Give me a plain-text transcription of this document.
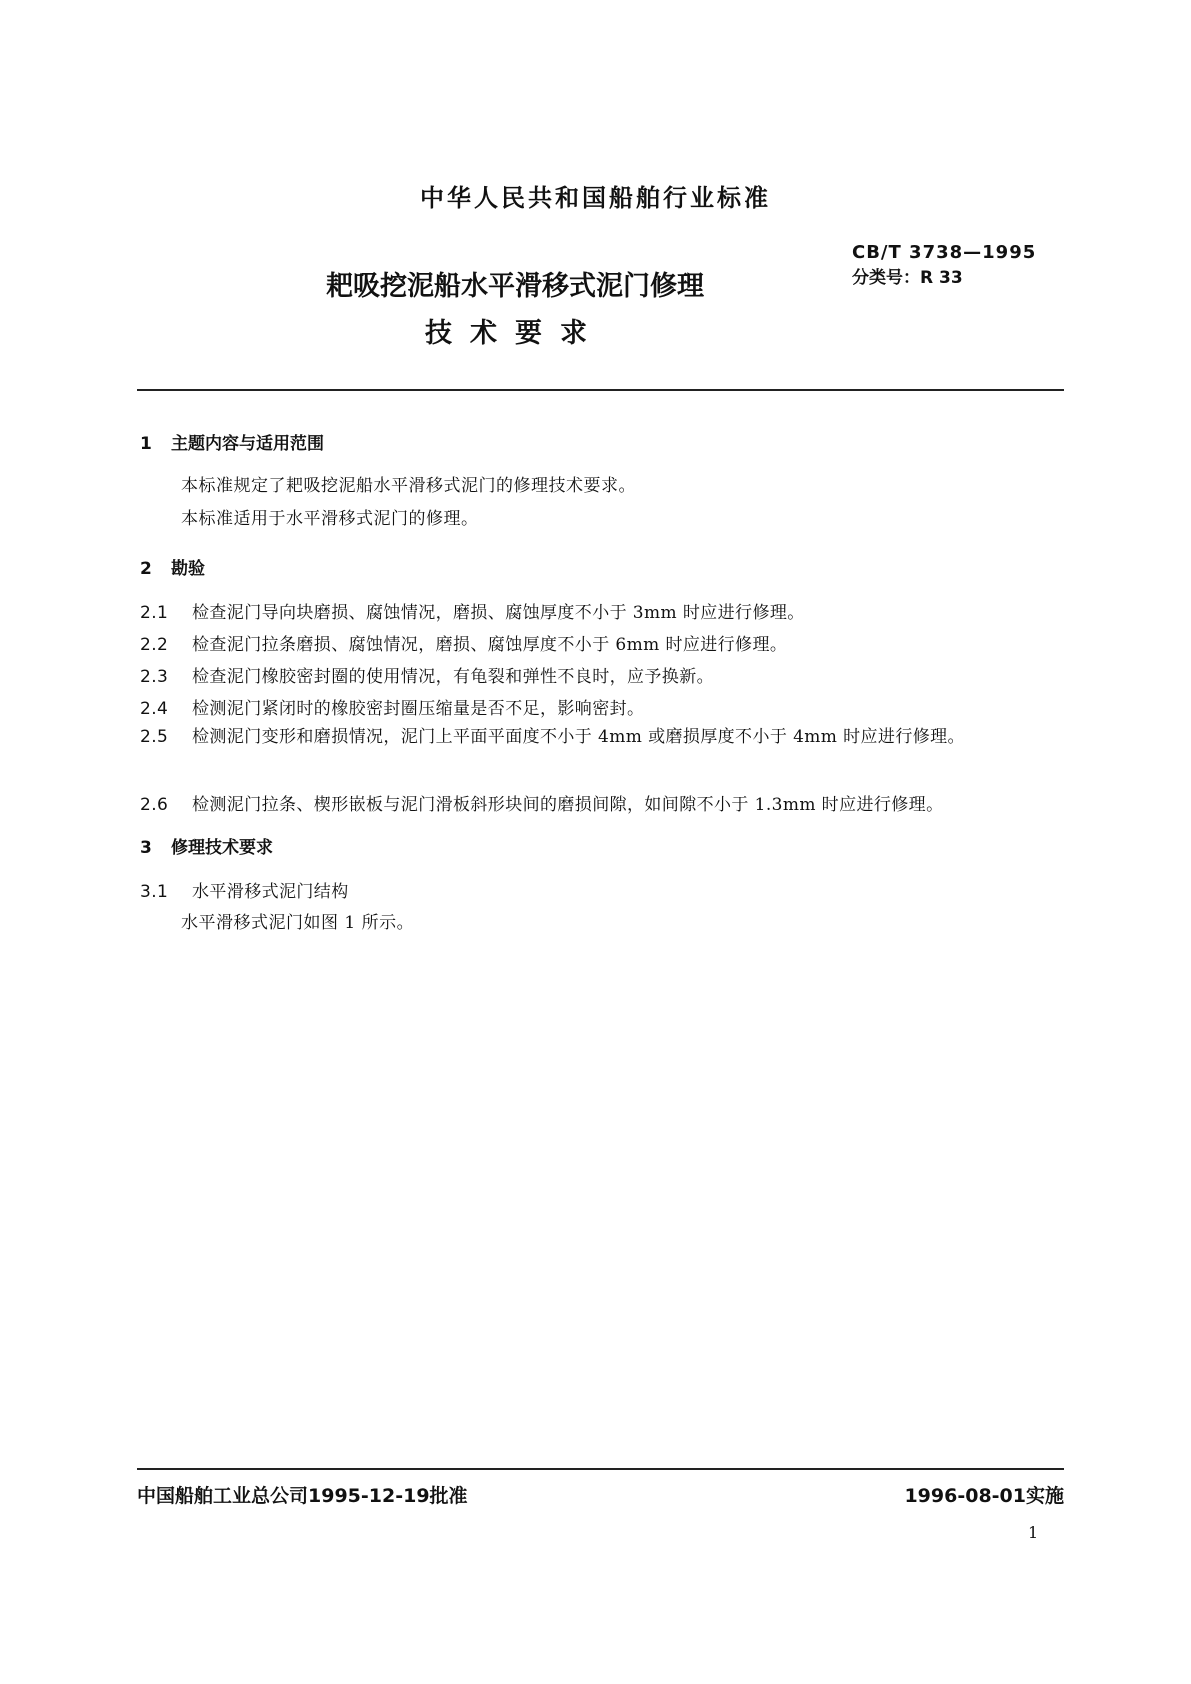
中华人民共和国船舶行业标准
CB/T 3738—1995
分类号：R 33
耙吸挖泥船水平滑移式泥门修理
技术要求
1 主题内容与适用范围
本标准规定了耙吸挖泥船水平滑移式泥门的修理技术要求。
本标准适用于水平滑移式泥门的修理。
2 勘验
2.1 检查泥门导向块磨损、腐蚀情况，磨损、腐蚀厚度不小于 3mm 时应进行修理。
2.2 检查泥门拉条磨损、腐蚀情况，磨损、腐蚀厚度不小于 6mm 时应进行修理。
2.3 检查泥门橡胶密封圈的使用情况，有龟裂和弹性不良时，应予换新。
2.4 检测泥门紧闭时的橡胶密封圈压缩量是否不足，影响密封。
2.5 检测泥门变形和磨损情况，泥门上平面平面度不小于 4mm 或磨损厚度不小于 4mm 时应进行修理。
2.6 检测泥门拉条、楔形嵌板与泥门滑板斜形块间的磨损间隙，如间隙不小于 1.3mm 时应进行修理。
3 修理技术要求
3.1 水平滑移式泥门结构
水平滑移式泥门如图 1 所示。
中国船舶工业总公司1995-12-19批准	1996-08-01实施
1
